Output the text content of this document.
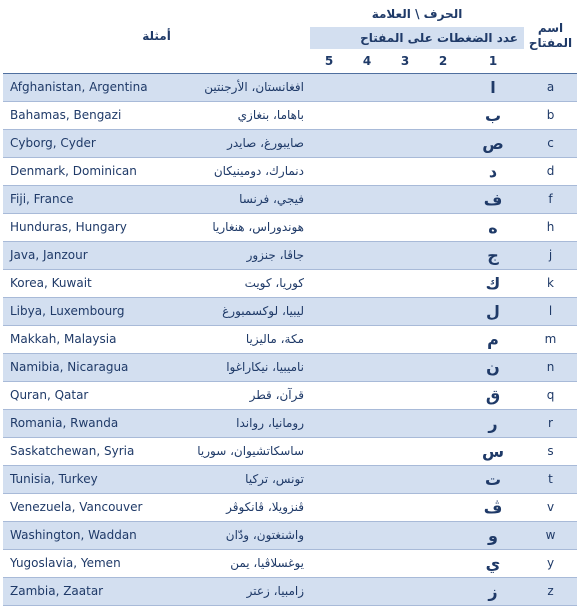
أمثلة		الحرف \ العلامة					اسم
المفتاح

		عدد الضغطات على المفتاح					
		5	4	3	2	1	
Afghanistan, Argentina	افغانستان، الأرجنتين					ا	a
Bahamas, Bengazi	باهاما، بنغازي					ب	b
Cyborg, Cyder	صايبورغ، صايدر					ص	c
Denmark, Dominican	دنمارك، دومينيكان					د	d
Fiji, France	فيجي، فرنسا					ف	f
Hunduras, Hungary	هوندوراس، هنغاريا					ه	h
Java, Janzour	جاڤا، جنزور					ج	j
Korea, Kuwait	كوريا، كويت					ك	k
Libya, Luxembourg	ليبيا، لوكسمبورغ					ل	l
Makkah, Malaysia	مكة، ماليزيا					م	m
Namibia, Nicaragua	ناميبيا، نيكاراغوا					ن	n
Quran, Qatar	قرآن، قطر					ق	q
Romania, Rwanda	رومانيا، رواندا					ر	r
Saskatchewan, Syria	ساسكاتشيوان، سوريا					س	s
Tunisia, Turkey	تونس، تركيا					ت	t
Venezuela, Vancouver	ڤنزويلا، ڤانكوڤر					ڤ	v
Washington, Waddan	واشنغتون، ودّان					و	w
Yugoslavia, Yemen	يوغسلاڤيا، يمن					ي	y
Zambia, Zaatar	زامبيا، زعتر					ز	z
